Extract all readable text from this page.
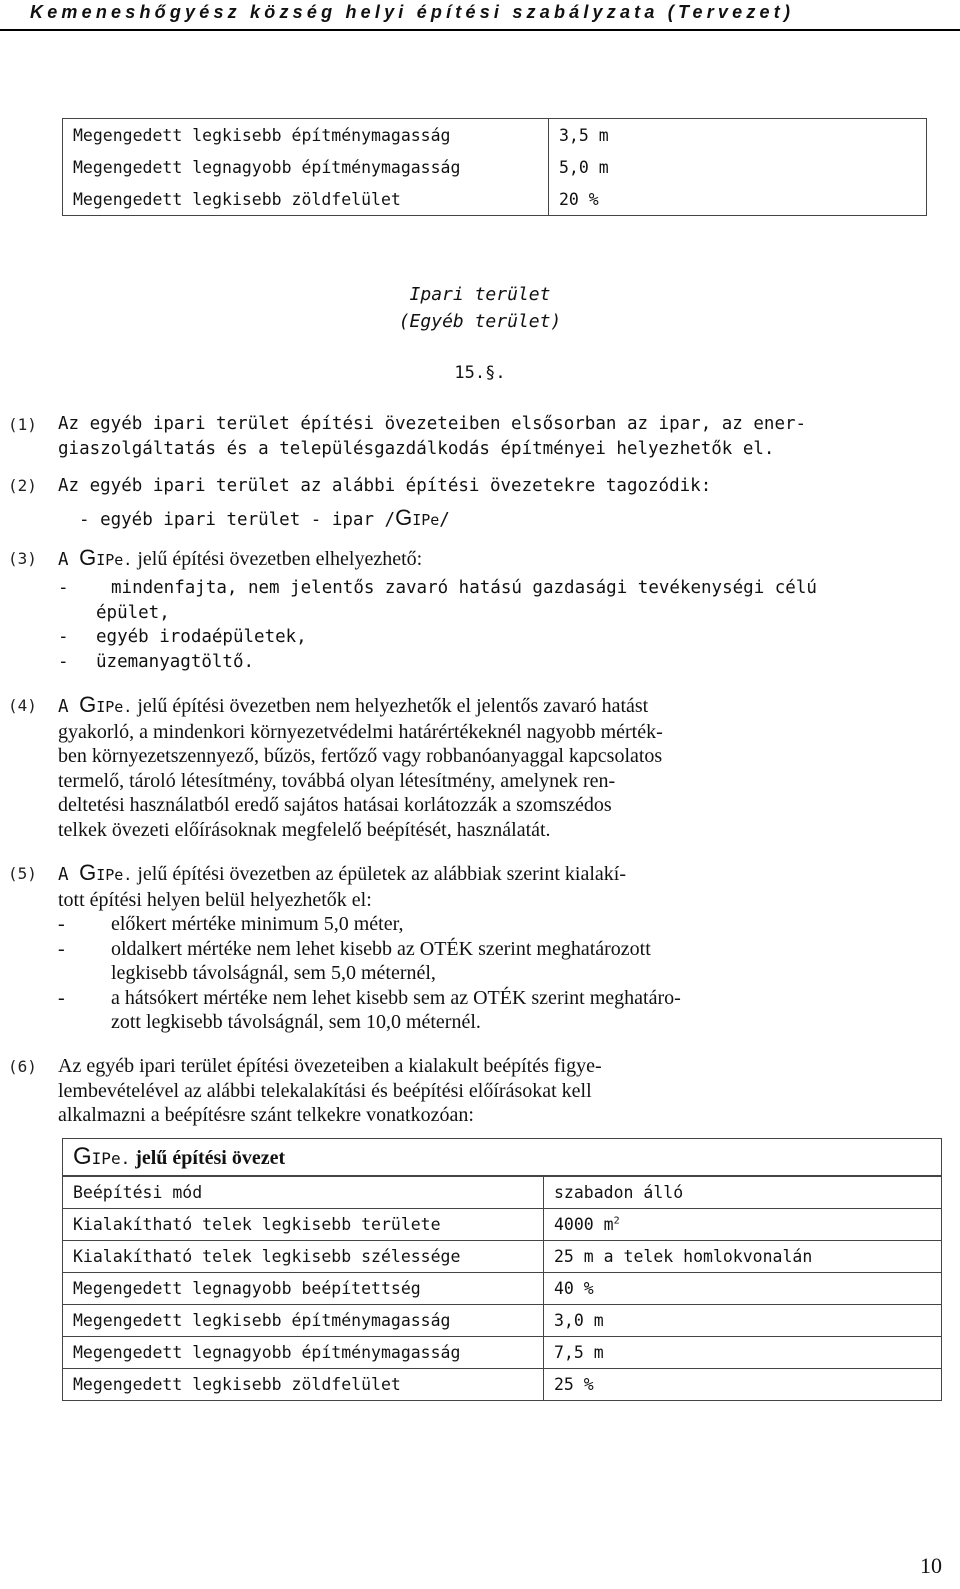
Kemeneshőgyész község helyi építési szabályzata (Tervezet)
Megengedett legkisebb építménymagasság	3,5 m
Megengedett legnagyobb építménymagasság	5,0 m
Megengedett legkisebb zöldfelület	20 %
Ipari terület
(Egyéb terület)
15.§.
(1) Az egyéb ipari terület építési övezeteiben elsősorban az ipar, az ener-
giaszolgáltatás és a településgazdálkodás építményei helyezhetők el.
(2) Az egyéb ipari terület az alábbi építési övezetekre tagozódik:
- egyéb ipari terület - ipar /GIPe/
(3) A GIPe. jelű építési övezetben elhelyezhető:
- mindenfajta, nem jelentős zavaró hatású gazdasági tevékenységi célú
épület,
- egyéb irodaépületek,
- üzemanyagtöltő.
(4) A GIPe. jelű építési övezetben nem helyezhetők el jelentős zavaró hatást
gyakorló, a mindenkori környezetvédelmi határértékeknél nagyobb mérték-
ben környezetszennyező, bűzös, fertőző vagy robbanóanyaggal kapcsolatos
termelő, tároló létesítmény, továbbá olyan létesítmény, amelynek ren-
deltetési használatból eredő sajátos hatásai korlátozzák a szomszédos
telkek övezeti előírásoknak megfelelő beépítését, használatát.
(5) A GIPe. jelű építési övezetben az épületek az alábbiak szerint kialakí-
tott építési helyen belül helyezhetők el:
- előkert mértéke minimum 5,0 méter,
- oldalkert mértéke nem lehet kisebb az OTÉK szerint meghatározott
legkisebb távolságnál, sem 5,0 méternél,
- a hátsókert mértéke nem lehet kisebb sem az OTÉK szerint meghatáro-
zott legkisebb távolságnál, sem 10,0 méternél.
(6) Az egyéb ipari terület építési övezeteiben a kialakult beépítés figye-
lembevételével az alábbi telekalakítási és beépítési előírásokat kell
alkalmazni a beépítésre szánt telkekre vonatkozóan:
GIPe. jelű építési övezet	
Beépítési mód	szabadon álló
Kialakítható telek legkisebb területe	4000 $m^2$
Kialakítható telek legkisebb szélessége	25 m a telek homlokvonalán
Megengedett legnagyobb beépítettség	40 %
Megengedett legkisebb építménymagasság	3,0 m
Megengedett legnagyobb építménymagasság	7,5 m
Megengedett legkisebb zöldfelület	25 %
10
